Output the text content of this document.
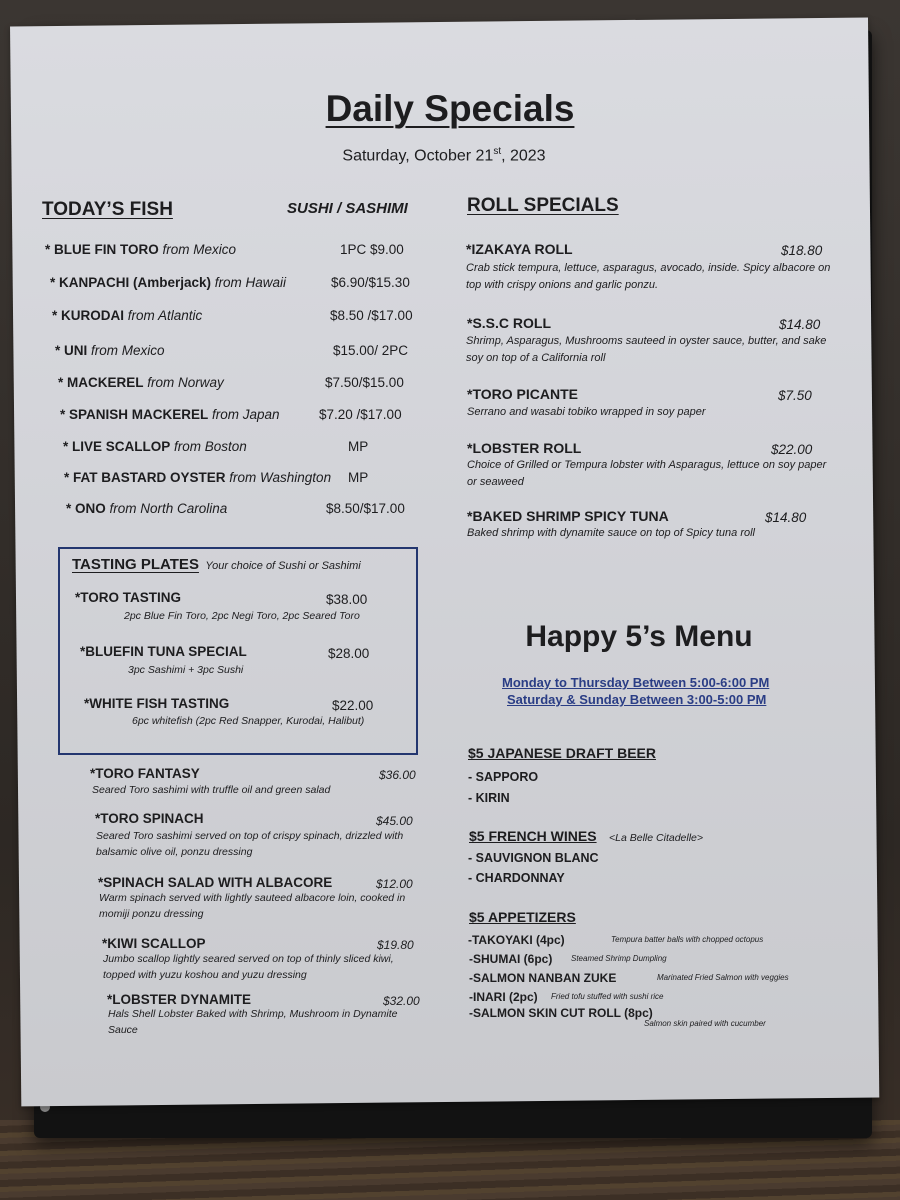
Daily Specials
Saturday, October 21st, 2023
TODAY’S FISH	SUSHI / SASHIMI
* BLUE FIN TORO from Mexico	1PC $9.00
* KANPACHI (Amberjack) from Hawaii	$6.90/$15.30
* KURODAI from Atlantic	$8.50 /$17.00
* UNI from Mexico	$15.00/ 2PC
* MACKEREL from Norway	$7.50/$15.00
* SPANISH MACKEREL from Japan	$7.20 /$17.00
* LIVE SCALLOP from Boston	MP
* FAT BASTARD OYSTER from Washington MP
* ONO from North Carolina	$8.50/$17.00
TASTING PLATES Your choice of Sushi or Sashimi
*TORO TASTING	$38.00
2pc Blue Fin Toro, 2pc Negi Toro, 2pc Seared Toro
*BLUEFIN TUNA SPECIAL	$28.00
3pc Sashimi + 3pc Sushi
*WHITE FISH TASTING	$22.00
6pc whitefish (2pc Red Snapper, Kurodai, Halibut)
*TORO FANTASY	$36.00
Seared Toro sashimi with truffle oil and green salad
*TORO SPINACH	$45.00
Seared Toro sashimi served on top of crispy spinach, drizzled with balsamic olive oil, ponzu dressing
*SPINACH SALAD WITH ALBACORE	$12.00
Warm spinach served with lightly sauteed albacore loin, cooked in momiji ponzu dressing
*KIWI SCALLOP	$19.80
Jumbo scallop lightly seared served on top of thinly sliced kiwi, topped with yuzu koshou and yuzu dressing
*LOBSTER DYNAMITE	$32.00
Hals Shell Lobster Baked with Shrimp, Mushroom in Dynamite Sauce
ROLL SPECIALS
*IZAKAYA ROLL	$18.80
Crab stick tempura, lettuce, asparagus, avocado, inside. Spicy albacore on top with crispy onions and garlic ponzu.
*S.S.C ROLL	$14.80
Shrimp, Asparagus, Mushrooms sauteed in oyster sauce, butter, and sake soy on top of a California roll
*TORO PICANTE	$7.50
Serrano and wasabi tobiko wrapped in soy paper
*LOBSTER ROLL	$22.00
Choice of Grilled or Tempura lobster with Asparagus, lettuce on soy paper or seaweed
*BAKED SHRIMP SPICY TUNA	$14.80
Baked shrimp with dynamite sauce on top of Spicy tuna roll
Happy 5’s Menu
Monday to Thursday Between 5:00-6:00 PM
Saturday & Sunday Between 3:00-5:00 PM
$5 JAPANESE DRAFT BEER
- SAPPORO
- KIRIN
$5 FRENCH WINES <La Belle Citadelle>
- SAUVIGNON BLANC
- CHARDONNAY
$5 APPETIZERS
-TAKOYAKI (4pc)	Tempura batter balls with chopped octopus
-SHUMAI (6pc) Steamed Shrimp Dumpling
-SALMON NANBAN ZUKE	Marinated Fried Salmon with veggies
-INARI (2pc) Fried tofu stuffed with sushi rice
-SALMON SKIN CUT ROLL (8pc)
Salmon skin paired with cucumber
